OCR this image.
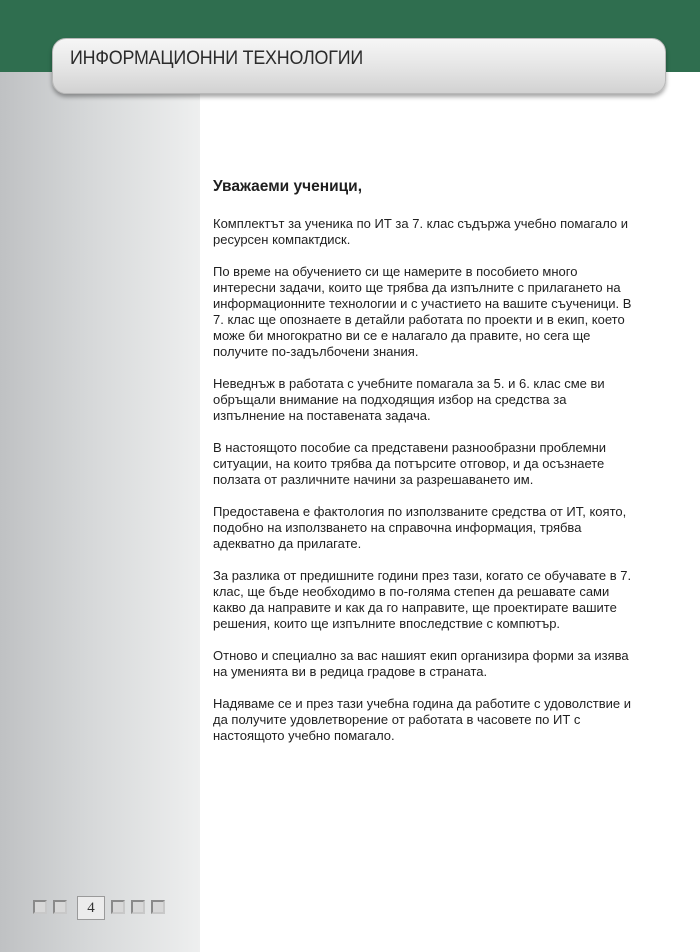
ИНФОРМАЦИОННИ ТЕХНОЛОГИИ

Уважаеми ученици,

Комплектът за ученика по ИТ за 7. клас съдържа учебно помагало и ресурсен компактдиск.

По време на обучението си ще намерите в пособието много интересни задачи, които ще трябва да изпълните с прилагането на информационните технологии и с участието на вашите съученици. В 7. клас ще опознаете в детайли работата по проекти и в екип, което може би многократно ви се е налагало да правите, но сега ще получите по-задълбочени знания.

Неведнъж в работата с учебните помагала за 5. и 6. клас сме ви обръщали внимание на подходящия избор на средства за изпълнение на поставената задача.

В настоящото пособие са представени разнообразни проблемни ситуации, на които трябва да потърсите отговор, и да осъзнаете ползата от различните начини за разрешаването им.

Предоставена е фактология по използваните средства от ИТ, която, подобно на използването на справочна информация, трябва адекватно да прилагате.

За разлика от предишните години през тази, когато се обучавате в 7. клас, ще бъде необходимо в по-голяма степен да решавате сами какво да направите и как да го направите, ще проектирате вашите решения, които ще изпълните впоследствие с компютър.

Отново и специално за вас нашият екип организира форми за изява на уменията ви в редица градове в страната.

Надяваме се и през тази учебна година да работите с удоволствие и да получите удовлетворение от работата в часовете по ИТ с настоящото учебно помагало.

4
